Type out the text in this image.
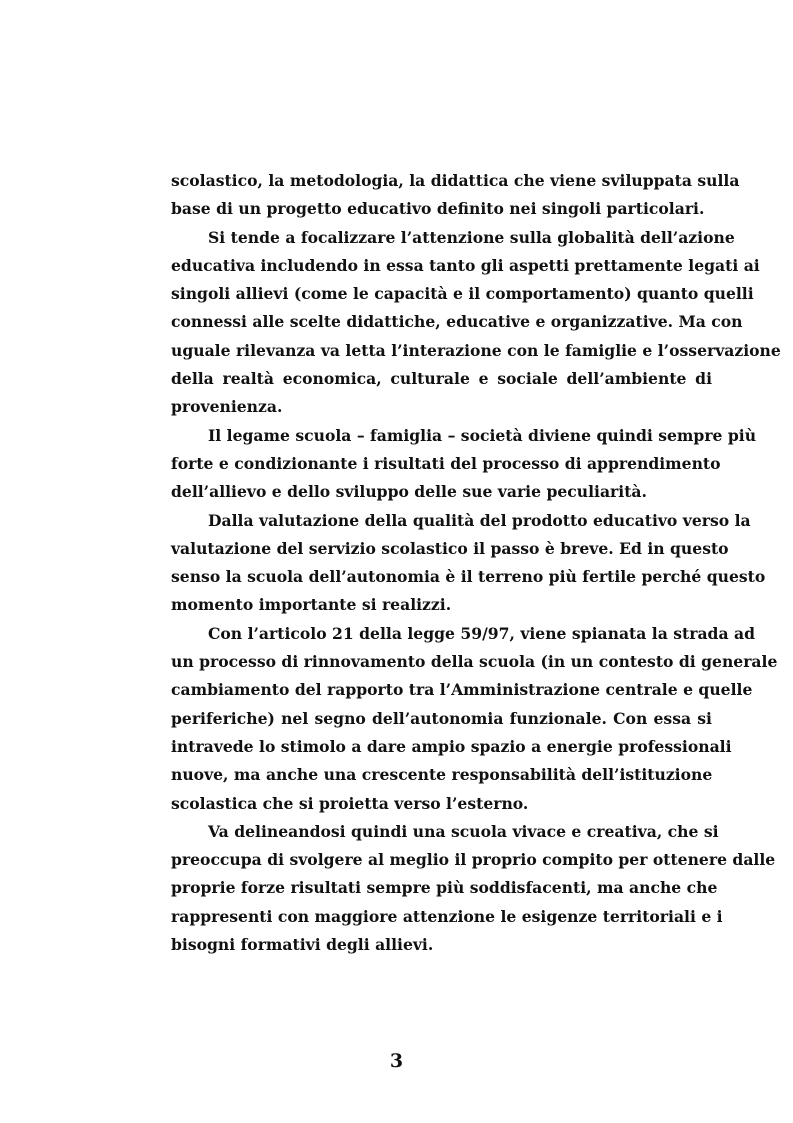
scolastico, la metodologia, la didattica che viene sviluppata sulla
base di un progetto educativo definito nei singoli particolari.
Si tende a focalizzare l’attenzione sulla globalità dell’azione
educativa includendo in essa tanto gli aspetti prettamente legati ai
singoli allievi (come le capacità e il comportamento) quanto quelli
connessi alle scelte didattiche, educative e organizzative. Ma con
uguale rilevanza va letta l’interazione con le famiglie e l’osservazione
della realtà economica, culturale e sociale dell’ambiente di
provenienza.
Il legame scuola – famiglia – società diviene quindi sempre più
forte e condizionante i risultati del processo di apprendimento
dell’allievo e dello sviluppo delle sue varie peculiarità.
Dalla valutazione della qualità del prodotto educativo verso la
valutazione del servizio scolastico il passo è breve. Ed in questo
senso la scuola dell’autonomia è il terreno più fertile perché questo
momento importante si realizzi.
Con l’articolo 21 della legge 59/97, viene spianata la strada ad
un processo di rinnovamento della scuola (in un contesto di generale
cambiamento del rapporto tra l’Amministrazione centrale e quelle
periferiche) nel segno dell’autonomia funzionale. Con essa si
intravede lo stimolo a dare ampio spazio a energie professionali
nuove, ma anche una crescente responsabilità dell’istituzione
scolastica che si proietta verso l’esterno.
Va delineandosi quindi una scuola vivace e creativa, che si
preoccupa di svolgere al meglio il proprio compito per ottenere dalle
proprie forze risultati sempre più soddisfacenti, ma anche che
rappresenti con maggiore attenzione le esigenze territoriali e i
bisogni formativi degli allievi.
3
